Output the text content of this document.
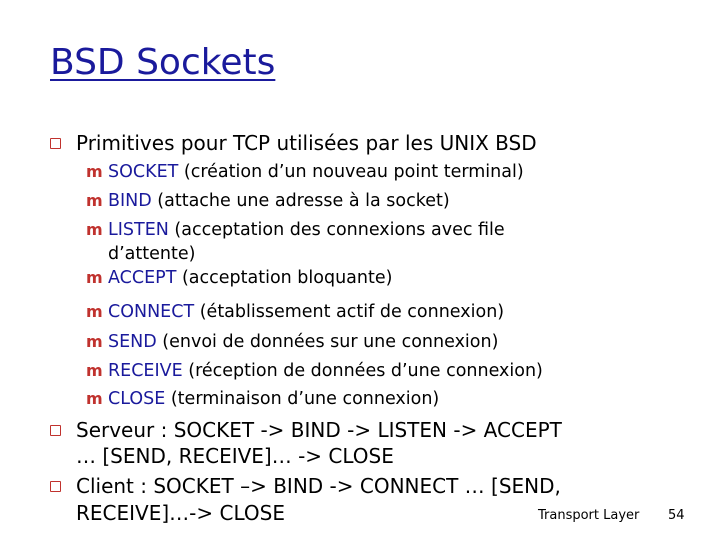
BSD Sockets
Primitives pour TCP utilisées par les UNIX BSD
m SOCKET (création d’un nouveau point terminal)
m BIND (attache une adresse à la socket)
m LISTEN (acceptation des connexions avec file
d’attente)
m ACCEPT (acceptation bloquante)
m CONNECT (établissement actif de connexion)
m SEND (envoi de données sur une connexion)
m RECEIVE (réception de données d’une connexion)
m CLOSE (terminaison d’une connexion)
Serveur : SOCKET -> BIND -> LISTEN -> ACCEPT
… [SEND, RECEIVE]… -> CLOSE
Client : SOCKET –> BIND -> CONNECT … [SEND,
RECEIVE]…-> CLOSE	Transport Layer 54
